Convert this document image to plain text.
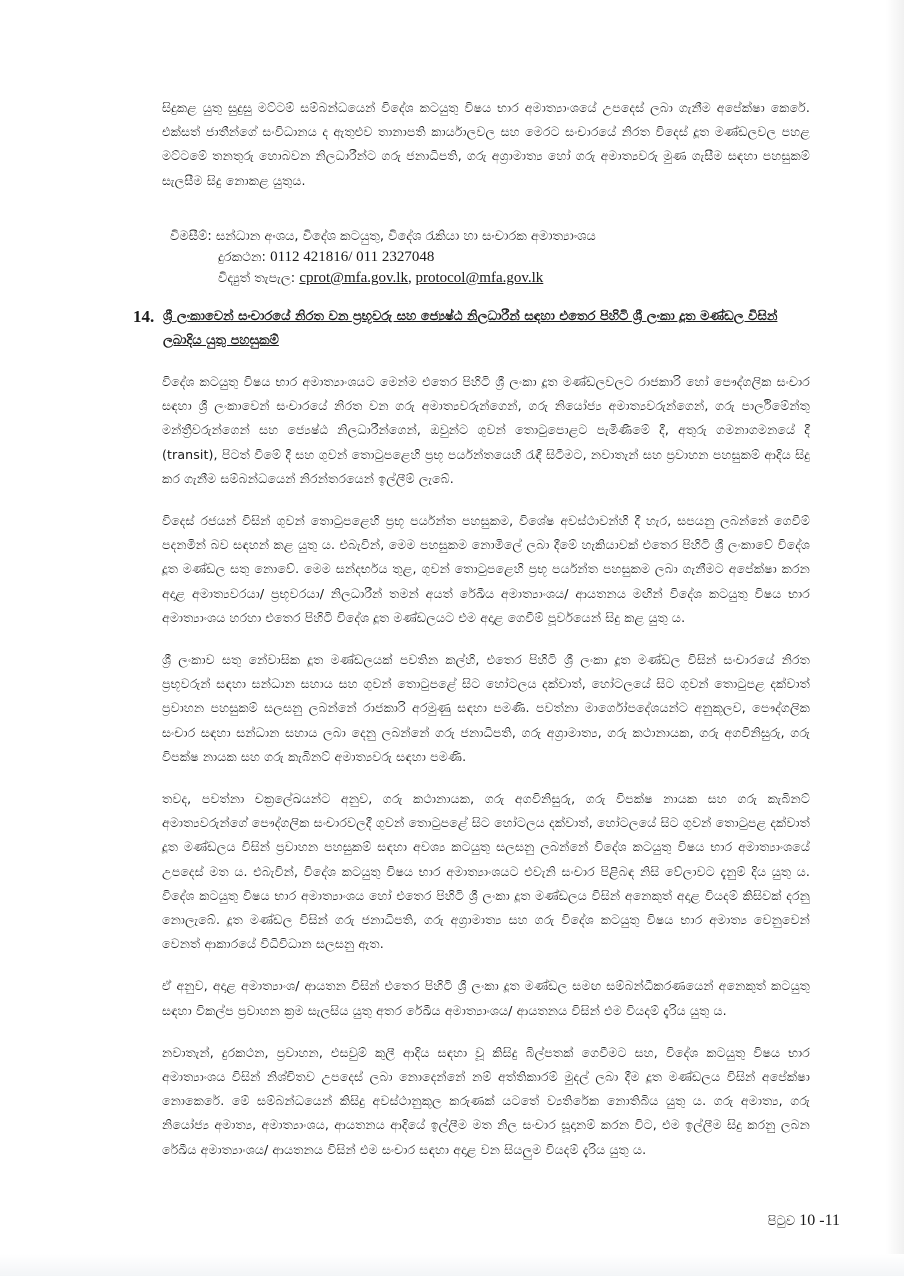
සිදුකළ යුතු සුදුසු මට්ටම් සම්බන්ධයෙන් විදේශ කටයුතු විෂය භාර අමාත්‍යාංශයේ උපදෙස් ලබා ගැනීම අපේක්ෂා කෙරේ. එක්සත් ජාතීන්ගේ සංවිධානය ද ඇතුළුව තානාපති කාර්යාලවල සහ මෙරට සංචාරයේ නිරත විදෙස් දූත මණ්ඩලවල පහළ මට්ටමේ තනතුරු හොබවන නිලධාරීන්ට ගරු ජනාධිපති, ගරු අග්‍රාමාත්‍ය හෝ ගරු අමාත්‍යවරු මුණ ගැසීම සඳහා පහසුකම් සැලසීම සිදු නොකළ යුතුය.

විමසීම්: සන්ධාන අංශය, විදේශ කටයුතු, විදේශ රැකියා හා සංචාරක අමාත්‍යාංශය
දුරකථන: 0112 421816/ 011 2327048
විද්‍යුත් තැපැල: cprot@mfa.gov.lk, protocol@mfa.gov.lk
14. ශ්‍රී ලංකාවෙන් සංචාරයේ නිරත වන ප්‍රභූවරු සහ ජ්‍යෙෂ්ඨ නිලධාරීන් සඳහා එතෙර පිහිටි ශ්‍රී ලංකා දූත මණ්ඩල විසින් ලබාදිය යුතු පහසුකම්

විදේශ කටයුතු විෂය භාර අමාත්‍යාංශයට මෙන්ම එතෙර පිහිටි ශ්‍රී ලංකා දූත මණ්ඩලවලට රාජකාරි හෝ පෞද්ගලික සංචාර සඳහා ශ්‍රී ලංකාවෙන් සංචාරයේ නිරත වන ගරු අමාත්‍යවරුන්ගෙන්, ගරු නියෝජ්‍ය අමාත්‍යවරුන්ගෙන්, ගරු පාර්ලිමේන්තු මන්ත්‍රීවරුන්ගෙන් සහ ජ්‍යෙෂ්ඨ නිලධාරීන්ගෙන්, ඔවුන්ට ගුවන් තොටුපොළට පැමිණීමේ දී, අතුරු ගමනාගමනයේ දී (transit), පිටත් වීමේ දී සහ ගුවන් තොටුපළෙහි ප්‍රභූ පර්යන්තයෙහි රැඳී සිටීමට, නවාතැන් සහ ප්‍රවාහන පහසුකම් ආදිය සිදු කර ගැනීම සම්බන්ධයෙන් නිරන්තරයෙන් ඉල්ලීම් ලැබේ.

විදෙස් රජයන් විසින් ගුවන් තොටුපළෙහි ප්‍රභූ පර්යන්ත පහසුකම, විශේෂ අවස්ථාවන්හි දී හැර, සපයනු ලබන්නේ ගෙවීම් පදනමින් බව සඳහන් කළ යුතු ය. එබැවින්, මෙම පහසුකම නොමිලේ ලබා දීමේ හැකියාවක් එතෙර පිහිටි ශ්‍රී ලංකාවේ විදේශ දූත මණ්ඩල සතු නොවේ. මෙම සන්දර්භය තුළ, ගුවන් තොටුපළෙහි ප්‍රභූ පර්යන්ත පහසුකම ලබා ගැනීමට අපේක්ෂා කරන අදාළ අමාත්‍යවරයා/ ප්‍රභූවරයා/ නිලධාරීන් තමන් අයත් රේඛීය අමාත්‍යාංශය/ ආයතනය මඟින් විදේශ කටයුතු විෂය භාර අමාත්‍යාංශය හරහා එතෙර පිහිටි විදේශ දූත මණ්ඩලයට එම අදාළ ගෙවීම් පූර්වයෙන් සිදු කළ යුතු ය.

ශ්‍රී ලංකාව සතු නේවාසික දූත මණ්ඩලයක් පවතින කල්හි, එතෙර පිහිටි ශ්‍රී ලංකා දූත මණ්ඩල විසින් සංචාරයේ නිරත ප්‍රභූවරුන් සඳහා සන්ධාන සහාය සහ ගුවන් තොටුපළේ සිට හෝටලය දක්වාත්, හෝටලයේ සිට ගුවන් තොටුපළ දක්වාත් ප්‍රවාහන පහසුකම් සලසනු ලබන්නේ රාජකාරි අරමුණු සඳහා පමණි. පවත්නා මාර්ගෝපදේශයන්ට අනුකූලව, පෞද්ගලික සංචාර සඳහා සන්ධාන සහාය ලබා දෙනු ලබන්නේ ගරු ජනාධිපති, ගරු අග්‍රාමාත්‍ය, ගරු කථානායක, ගරු අගවිනිසුරු, ගරු විපක්ෂ නායක සහ ගරු කැබිනට් අමාත්‍යවරු සඳහා පමණි.

තවද, පවත්නා චක්‍රලේඛයන්ට අනුව, ගරු කථානායක, ගරු අගවිනිසුරු, ගරු විපක්ෂ නායක සහ ගරු කැබිනට් අමාත්‍යවරුන්ගේ පෞද්ගලික සංචාරවලදී ගුවන් තොටුපළේ සිට හෝටලය දක්වාත්, හෝටලයේ සිට ගුවන් තොටුපළ දක්වාත් දූත මණ්ඩලය විසින් ප්‍රවාහන පහසුකම් සඳහා අවශ්‍ය කටයුතු සලසනු ලබන්නේ විදේශ කටයුතු විෂය භාර අමාත්‍යාංශයේ උපදෙස් මත ය. එබැවින්, විදේශ කටයුතු විෂය භාර අමාත්‍යාංශයට එවැනි සංචාර පිළිබඳ නිසි වේලාවට දැනුම් දිය යුතු ය. විදේශ කටයුතු විෂය භාර අමාත්‍යාංශය හෝ එතෙර පිහිටි ශ්‍රී ලංකා දූත මණ්ඩලය විසින් අනෙකුත් අදාළ වියදම් කිසිවක් දරනු නොලැබේ. දූත මණ්ඩල විසින් ගරු ජනාධිපති, ගරු අග්‍රාමාත්‍ය සහ ගරු විදේශ කටයුතු විෂය භාර අමාත්‍ය වෙනුවෙන් වෙනත් ආකාරයේ විධිවිධාන සලසනු ඇත.

ඒ අනුව, අදාළ අමාත්‍යාංශ/ ආයතන විසින් එතෙර පිහිටි ශ්‍රී ලංකා දූත මණ්ඩල සමඟ සම්බන්ධීකරණයෙන් අනෙකුත් කටයුතු සඳහා විකල්ප ප්‍රවාහන ක්‍රම සැලසිය යුතු අතර රේඛීය අමාත්‍යාංශය/ ආයතනය විසින් එම වියදම් දැරිය යුතු ය.

නවාතැන්, දුරකථන, ප්‍රවාහන, එසවුම් කුලී ආදිය සඳහා වූ කිසිදු බිල්පතක් ගෙවීමට සහ, විදේශ කටයුතු විෂය භාර අමාත්‍යාංශය විසින් නිශ්චිතව උපදෙස් ලබා නොදෙන්නේ නම් අත්තිකාරම් මුදල් ලබා දීම දූත මණ්ඩලය විසින් අපේක්ෂා නොකෙරේ. මේ සම්බන්ධයෙන් කිසිදු අවස්ථානුකූල කරුණක් යටතේ ව්‍යතිරේක නොතිබිය යුතු ය. ගරු අමාත්‍ය, ගරු නියෝජ්‍ය අමාත්‍ය, අමාත්‍යාංශය, ආයතනය ආදියේ ඉල්ලීම මත නිල සංචාර සූදානම් කරන විට, එම ඉල්ලීම සිදු කරනු ලබන රේඛීය අමාත්‍යාංශය/ ආයතනය විසින් එම සංචාර සඳහා අදාළ වන සියලුම වියදම් දැරිය යුතු ය.

පිටුව 10 -11
